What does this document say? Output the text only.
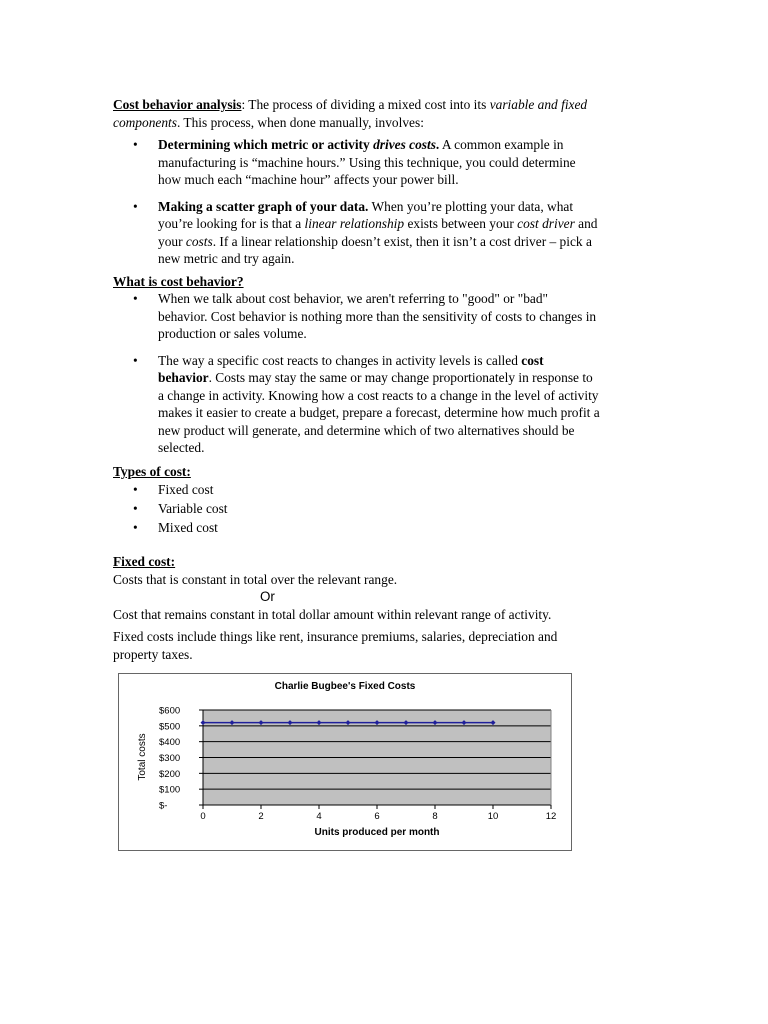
Cost behavior analysis: The process of dividing a mixed cost into its variable and fixed
components. This process, when done manually, involves:

• Determining which metric or activity drives costs. A common example in
manufacturing is “machine hours.” Using this technique, you could determine
how much each “machine hour” affects your power bill.
• Making a scatter graph of your data. When you’re plotting your data, what
you’re looking for is that a linear relationship exists between your cost driver and
your costs. If a linear relationship doesn’t exist, then it isn’t a cost driver – pick a
new metric and try again.

What is cost behavior?

• When we talk about cost behavior, we aren't referring to "good" or "bad"
behavior. Cost behavior is nothing more than the sensitivity of costs to changes in
production or sales volume.
• The way a specific cost reacts to changes in activity levels is called cost
behavior. Costs may stay the same or may change proportionately in response to
a change in activity. Knowing how a cost reacts to a change in the level of activity
makes it easier to create a budget, prepare a forecast, determine how much profit a
new product will generate, and determine which of two alternatives should be
selected.

Types of cost:

• Fixed cost
• Variable cost
• Mixed cost

Fixed cost:

Costs that is constant in total over the relevant range.

Or

Cost that remains constant in total dollar amount within relevant range of activity.

Fixed costs include things like rent, insurance premiums, salaries, depreciation and
property taxes.

Charlie Bugbee's Fixed Costs
$-
$100
$200
$300
$400
$500
$600
0	2	4	6	8	10	12
Units produced per month
Total costs
